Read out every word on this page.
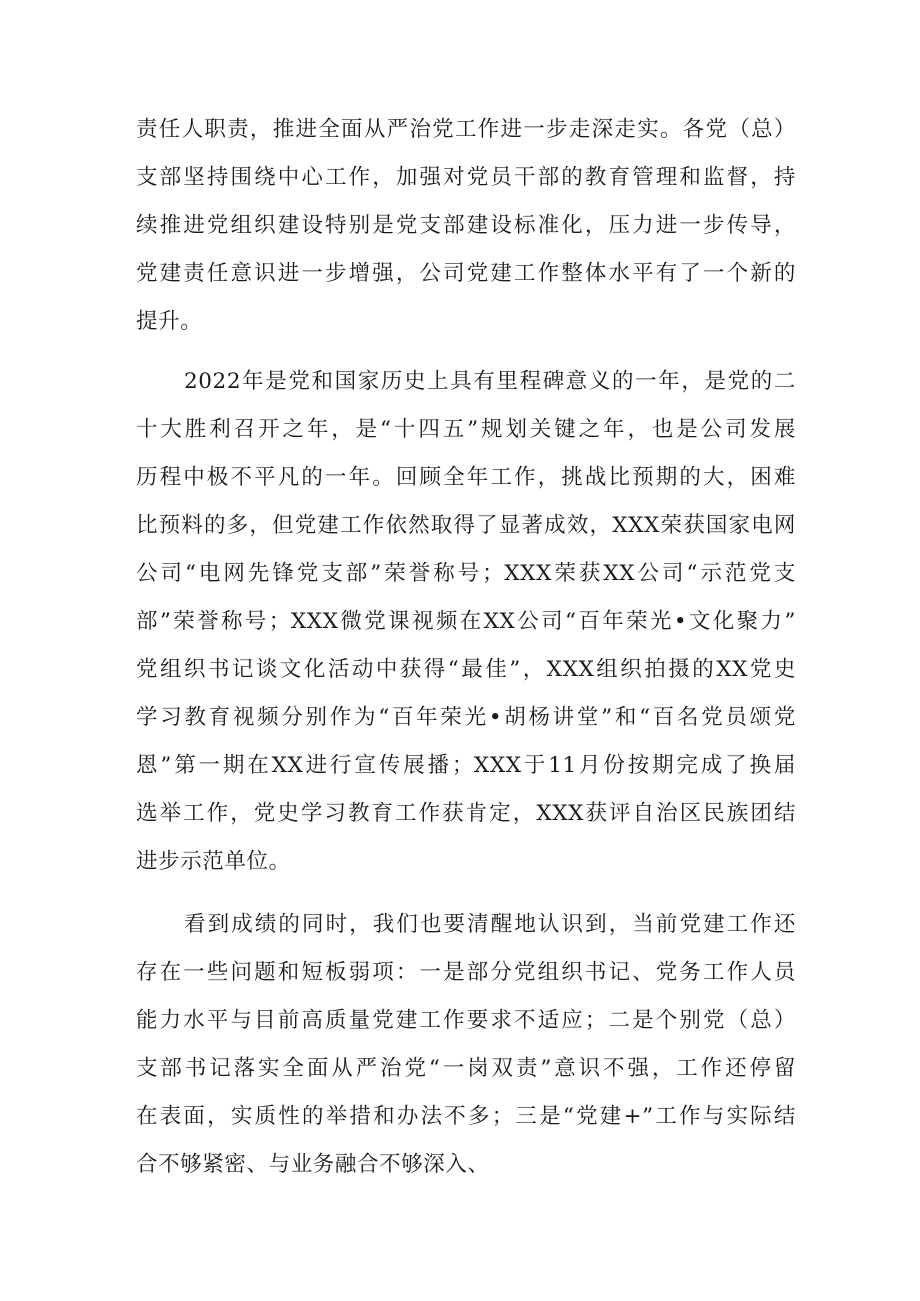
责任人职责，推进全面从严治党工作进一步走深走实。各党（总）
支部坚持围绕中心工作，加强对党员干部的教育管理和监督，持
续推进党组织建设特别是党支部建设标准化，压力进一步传导，
党建责任意识进一步增强，公司党建工作整体水平有了一个新的
提升。
2022年是党和国家历史上具有里程碑意义的一年，是党的二
十大胜利召开之年，是“十四五”规划关键之年，也是公司发展
历程中极不平凡的一年。回顾全年工作，挑战比预期的大，困难
比预料的多，但党建工作依然取得了显著成效，XXX荣获国家电网
公司“电网先锋党支部”荣誉称号；XXX荣获XX公司“示范党支
部”荣誉称号；XXX微党课视频在XX公司“百年荣光•文化聚力”
党组织书记谈文化活动中获得“最佳”，XXX组织拍摄的XX党史
学习教育视频分别作为“百年荣光•胡杨讲堂”和“百名党员颂党
恩”第一期在XX进行宣传展播；XXX于11月份按期完成了换届
选举工作，党史学习教育工作获肯定，XXX获评自治区民族团结
进步示范单位。
看到成绩的同时，我们也要清醒地认识到，当前党建工作还
存在一些问题和短板弱项：一是部分党组织书记、党务工作人员
能力水平与目前高质量党建工作要求不适应；二是个别党（总）
支部书记落实全面从严治党“一岗双责”意识不强，工作还停留
在表面，实质性的举措和办法不多；三是“党建+”工作与实际结
合不够紧密、与业务融合不够深入、
